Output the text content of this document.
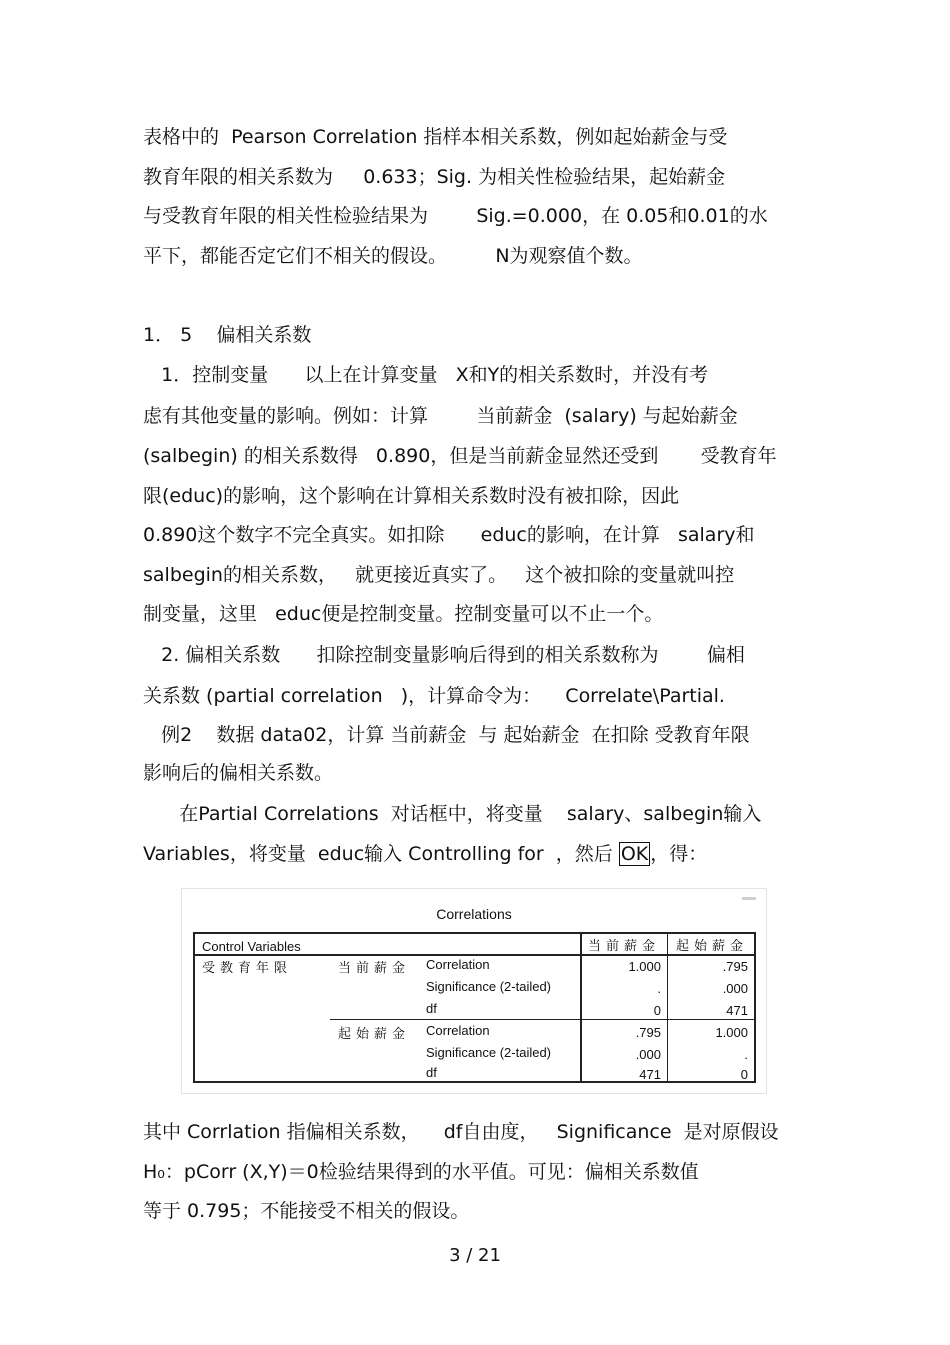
表格中的  Pearson Correlation 指样本相关系数，例如起始薪金与受

教育年限的相关系数为     0.633；Sig. 为相关性检验结果，起始薪金

与受教育年限的相关性检验结果为        Sig.=0.000，在 0.05和0.01的水

平下，都能否定它们不相关的假设。        N为观察值个数。

1． 5    偏相关系数

1．控制变量      以上在计算变量   X和Y的相关系数时，并没有考

虑有其他变量的影响。例如：计算        当前薪金  (salary) 与起始薪金

(salbegin) 的相关系数得   0.890，但是当前薪金显然还受到       受教育年

限(educ)的影响，这个影响在计算相关系数时没有被扣除，因此

0.890这个数字不完全真实。如扣除      educ的影响，在计算   salary和

salbegin的相关系数，   就更接近真实了。   这个被扣除的变量就叫控

制变量，这里   educ便是控制变量。控制变量可以不止一个。

2. 偏相关系数      扣除控制变量影响后得到的相关系数称为        偏相

关系数 (partial correlation   )，计算命令为：    Correlate\Partial.

例2    数据 data02，计算 当前薪金  与 起始薪金  在扣除 受教育年限

影响后的偏相关系数。

在Partial Correlations  对话框中，将变量    salary、salbegin输入

Variables，将变量  educ输入 Controlling for  ，然后 OK ，得：

Correlations
Control Variables	当前薪金 起始薪金
受教育年限	当前薪金 Correlation	1.000	.795
Significance (2-tailed)	.	.000
df	0	471
起始薪金 Correlation	.795	1.000
Significance (2-tailed)	.000	.
df	471	0

其中 Corrlation 指偏相关系数，    df自由度，   Significance  是对原假设

H₀：pCorr (X,Y)＝0检验结果得到的水平值。可见：偏相关系数值

等于 0.795；不能接受不相关的假设。

3 / 21
